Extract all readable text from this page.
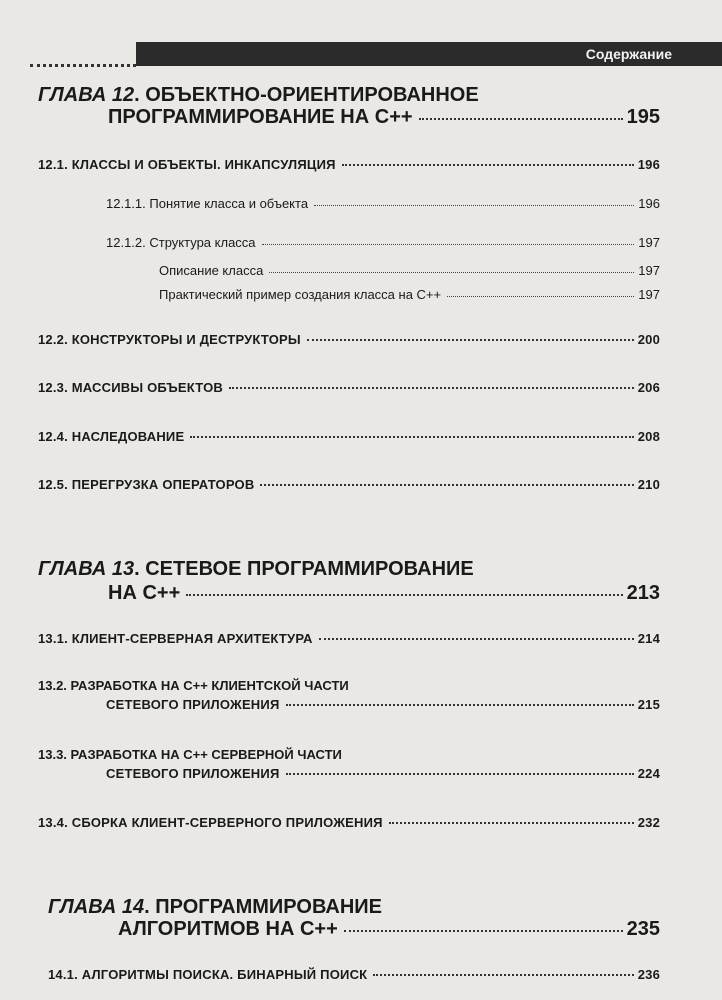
Содержание
ГЛАВА 12. ОБЪЕКТНО-ОРИЕНТИРОВАННОЕ
ПРОГРАММИРОВАНИЕ НА С++	195
12.1. КЛАССЫ И ОБЪЕКТЫ. ИНКАПСУЛЯЦИЯ	196
12.1.1. Понятие класса и объекта	196
12.1.2. Структура класса	197
Описание класса	197
Практический пример создания класса на С++	197
12.2. КОНСТРУКТОРЫ И ДЕСТРУКТОРЫ	200
12.3. МАССИВЫ ОБЪЕКТОВ	206
12.4. НАСЛЕДОВАНИЕ	208
12.5. ПЕРЕГРУЗКА ОПЕРАТОРОВ	210
ГЛАВА 13. СЕТЕВОЕ ПРОГРАММИРОВАНИЕ
НА С++	213
13.1. КЛИЕНТ-СЕРВЕРНАЯ АРХИТЕКТУРА	214
13.2. РАЗРАБОТКА НА С++ КЛИЕНТСКОЙ ЧАСТИ
СЕТЕВОГО ПРИЛОЖЕНИЯ	215
13.3. РАЗРАБОТКА НА С++ СЕРВЕРНОЙ ЧАСТИ
СЕТЕВОГО ПРИЛОЖЕНИЯ	224
13.4. СБОРКА КЛИЕНТ-СЕРВЕРНОГО ПРИЛОЖЕНИЯ	232
ГЛАВА 14. ПРОГРАММИРОВАНИЕ
АЛГОРИТМОВ НА С++	235
14.1. АЛГОРИТМЫ ПОИСКА. БИНАРНЫЙ ПОИСК	236
